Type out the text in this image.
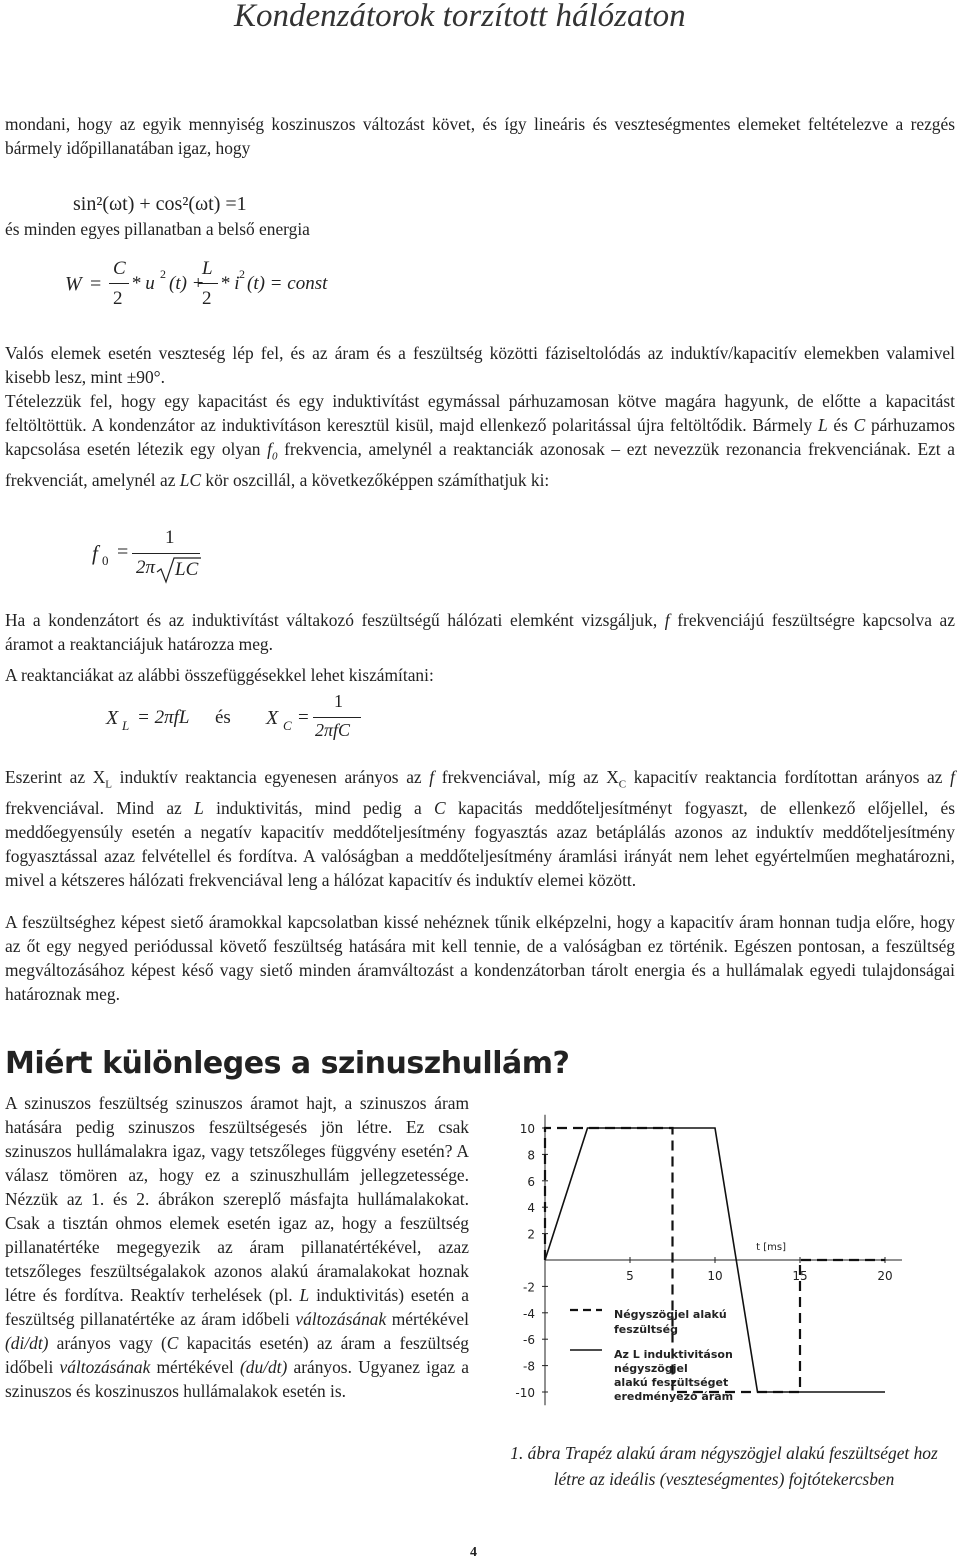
Kondenzátorok torzított hálózaton
mondani, hogy az egyik mennyiség koszinuszos változást követ, és így lineáris és veszteségmentes elemeket feltételezve a rezgés bármely időpillanatában igaz, hogy
sin²(ωt) + cos²(ωt) =1
és minden egyes pillanatban a belső energia
W =
C
2
* u 2 (t) +
L
2
* i 2 (t) = const
Valós elemek esetén veszteség lép fel, és az áram és a feszültség közötti fáziseltolódás az induktív/kapacitív elemekben valamivel kisebb lesz, mint ±90°.
Tételezzük fel, hogy egy kapacitást és egy induktivítást egymással párhuzamosan kötve magára hagyunk, de előtte a kapacitást feltöltöttük. A kondenzátor az induktivításon keresztül kisül, majd ellenkező polaritással újra feltöltődik. Bármely L és C párhuzamos kapcsolása esetén létezik egy olyan $f_0$ frekvencia, amelynél a reaktanciák azonosak – ezt nevezzük rezonancia frekvenciának. Ezt a frekvenciát, amelynél az LC kör oszcillál, a következőképpen számíthatjuk ki:
f 0 =
1
2π LC
Ha a kondenzátort és az induktivítást váltakozó feszültségű hálózati elemként vizsgáljuk, f frekvenciájú feszültségre kapcsolva az áramot a reaktanciájuk határozza meg.
A reaktanciákat az alábbi összefüggésekkel lehet kiszámítani:
X L = 2πfL és X C =
1
2πfC
Eszerint az $X_L$ induktív reaktancia egyenesen arányos az f frekvenciával, míg az $X_C$ kapacitív reaktancia fordítottan arányos az f frekvenciával. Mind az L induktivitás, mind pedig a C kapacitás meddőteljesítményt fogyaszt, de ellenkező előjellel, és meddőegyensúly esetén a negatív kapacitív meddőteljesítmény fogyasztás azaz betáplálás azonos az induktív meddőteljesítmény fogyasztással azaz felvétellel és fordítva. A valóságban a meddőteljesítmény áramlási irányát nem lehet egyértelműen meghatározni, mivel a kétszeres hálózati frekvenciával leng a hálózat kapacitív és induktív elemei között.
A feszültséghez képest siető áramokkal kapcsolatban kissé nehéznek tűnik elképzelni, hogy a kapacitív áram honnan tudja előre, hogy az őt egy negyed periódussal követő feszültség hatására mit kell tennie, de a valóságban ez történik. Egészen pontosan, a feszültség megváltozásához képest késő vagy siető minden áramváltozást a kondenzátorban tárolt energia és a hullámalak egyedi tulajdonságai határoznak meg.
Miért különleges a szinuszhullám?
A szinuszos feszültség szinuszos áramot hajt, a szinuszos áram hatására pedig szinuszos feszültségesés jön létre. Ez csak szinuszos hullámalakra igaz, vagy tetszőleges függvény esetén? A válasz tömören az, hogy ez a szinuszhullám jellegzetessége. Nézzük az 1. és 2. ábrákon szereplő másfajta hullámalakokat. Csak a tisztán ohmos elemek esetén igaz az, hogy a feszültség pillanatértéke megegyezik az áram pillanatértékével, azaz tetszőleges feszültségalakok azonos alakú áramalakokat hoznak létre és fordítva. Reaktív terhelések (pl. L induktivitás) esetén a feszültség pillanatértéke az áram időbeli változásának mértékével (di/dt) arányos vagy (C kapacitás esetén) az áram a feszültség időbeli változásának mértékével (du/dt) arányos. Ugyanez igaz a szinuszos és koszinuszos hullámalakok esetén is.
10
8
6
4
2
-2
-4
-6
-8
-10
5	10	15	20
t [ms]
Négyszögjel alakú
feszültség
Az L induktivitáson
négyszögjel
alakú feszültséget
eredményező áram
1. ábra Trapéz alakú áram négyszögjel alakú feszültséget hoz létre az ideális (veszteségmentes) fojtótekercsben
4
